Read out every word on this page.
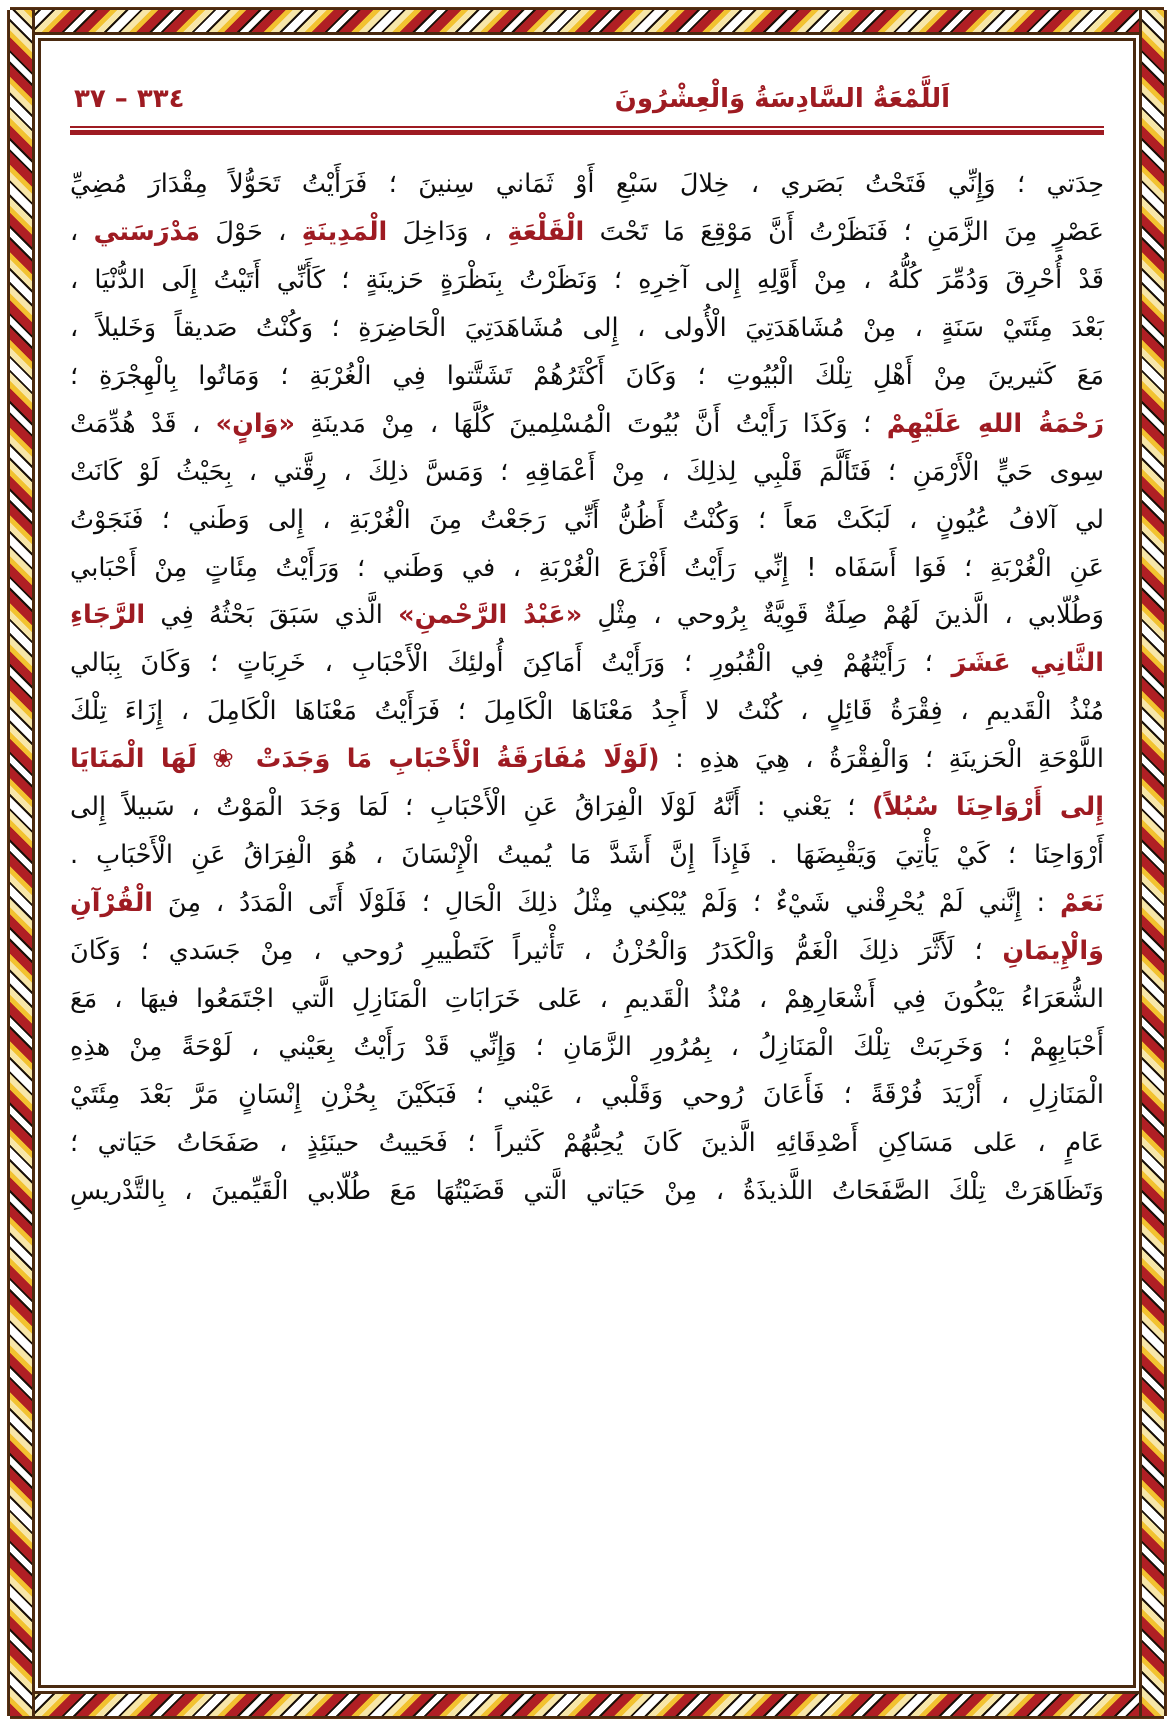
اَللَّمْعَةُ السَّادِسَةُ وَالْعِشْرُونَ
٣٣٤ – ٣٧
حِدَتي ؛ وَإِنِّي فَتَحْتُ بَصَري ، خِلالَ سَبْعِ أَوْ ثَمَاني سِنينَ ؛ فَرَأَيْتُ تَحَوُّلاً مِقْدَارَ مُضِيِّ
عَصْرٍ مِنَ الزَّمَنِ ؛ فَنَظَرْتُ أَنَّ مَوْقِعَ مَا تَحْتَ الْقَلْعَةِ ، وَدَاخِلَ الْمَدِينَةِ ، حَوْلَ مَدْرَسَتي ،
قَدْ أُحْرِقَ وَدُمِّرَ كُلُّهُ ، مِنْ أَوَّلِهِ إِلى آخِرِهِ ؛ وَنَظَرْتُ بِنَظْرَةٍ حَزينَةٍ ؛ كَأَنِّي أَتَيْتُ إِلَى الدُّنْيَا ،
بَعْدَ مِئَتَيْ سَنَةٍ ، مِنْ مُشَاهَدَتِيَ الْأُولى ، إِلى مُشَاهَدَتِيَ الْحَاضِرَةِ ؛ وَكُنْتُ صَديقاً وَخَليلاً ،
مَعَ كَثيرينَ مِنْ أَهْلِ تِلْكَ الْبُيُوتِ ؛ وَكَانَ أَكْثَرُهُمْ تَشَتَّتوا فِي الْغُرْبَةِ ؛ وَمَاتُوا بِالْهِجْرَةِ ؛
رَحْمَةُ اللهِ عَلَيْهِمْ ؛ وَكَذَا رَأَيْتُ أَنَّ بُيُوتَ الْمُسْلِمينَ كُلَّهَا ، مِنْ مَدينَةِ «وَانٍ» ، قَدْ هُدِّمَتْ
سِوى حَيٍّ الْأَرْمَنِ ؛ فَتَأَلَّمَ قَلْبِي لِذلِكَ ، مِنْ أَعْمَاقِهِ ؛ وَمَسَّ ذلِكَ ، رِقَّتي ، بِحَيْثُ لَوْ كَانَتْ
لي آلافُ عُيُونٍ ، لَبَكَتْ مَعاً ؛ وَكُنْتُ أَظُنُّ أَنِّي رَجَعْتُ مِنَ الْغُرْبَةِ ، إِلى وَطَني ؛ فَنَجَوْتُ
عَنِ الْغُرْبَةِ ؛ فَوَا أَسَفَاه ! إِنِّي رَأَيْتُ أَفْزَعَ الْغُرْبَةِ ، في وَطَني ؛ وَرَأَيْتُ مِئَاتٍ مِنْ أَحْبَابي
وَطُلّابي ، الَّذينَ لَهُمْ صِلَةٌ قَوِيَّةٌ بِرُوحي ، مِثْلِ «عَبْدُ الرَّحْمنِ» الَّذي سَبَقَ بَحْثُهُ فِي الرَّجَاءِ
الثَّانِي عَشَرَ ؛ رَأَيْتُهُمْ فِي الْقُبُورِ ؛ وَرَأَيْتُ أَمَاكِنَ أُولئِكَ الْأَحْبَابِ ، خَرِبَاتٍ ؛ وَكَانَ بِبَالي
مُنْذُ الْقَديمِ ، فِقْرَةُ قَائِلٍ ، كُنْتُ لا أَجِدُ مَعْنَاهَا الْكَامِلَ ؛ فَرَأَيْتُ مَعْنَاهَا الْكَامِلَ ، إِزَاءَ تِلْكَ
اللَّوْحَةِ الْحَزينَةِ ؛ وَالْفِقْرَةُ ، هِيَ هذِهِ : (لَوْلَا مُفَارَقَةُ الْأَحْبَابِ مَا وَجَدَتْ ❀ لَهَا الْمَنَايَا
إِلى أَرْوَاحِنَا سُبُلاً) ؛ يَعْني : أَنَّهُ لَوْلَا الْفِرَاقُ عَنِ الْأَحْبَابِ ؛ لَمَا وَجَدَ الْمَوْتُ ، سَبيلاً إِلى
أَرْوَاحِنَا ؛ كَيْ يَأْتِيَ وَيَقْبِضَهَا . فَإِذاً إِنَّ أَشَدَّ مَا يُميتُ الْإِنْسَانَ ، هُوَ الْفِرَاقُ عَنِ الْأَحْبَابِ .
نَعَمْ : إِنَّني لَمْ يُحْرِقْني شَيْءٌ ؛ وَلَمْ يُبْكِني مِثْلُ ذلِكَ الْحَالِ ؛ فَلَوْلَا أَتَى الْمَدَدُ ، مِنَ الْقُرْآنِ
وَالْإِيمَانِ ؛ لَأَثَّرَ ذلِكَ الْغَمُّ وَالْكَدَرُ وَالْحُزْنُ ، تَأْثيراً كَتَطْييرِ رُوحي ، مِنْ جَسَدي ؛ وَكَانَ
الشُّعَرَاءُ يَبْكُونَ فِي أَشْعَارِهِمْ ، مُنْذُ الْقَديمِ ، عَلى خَرَابَاتِ الْمَنَازِلِ الَّتي اجْتَمَعُوا فيهَا ، مَعَ
أَحْبَابِهِمْ ؛ وَخَرِبَتْ تِلْكَ الْمَنَازِلُ ، بِمُرُورِ الزَّمَانِ ؛ وَإِنِّي قَدْ رَأَيْتُ بِعَيْني ، لَوْحَةً مِنْ هذِهِ
الْمَنَازِلِ ، أَزْيَدَ فُرْقَةً ؛ فَأَعَانَ رُوحي وَقَلْبي ، عَيْني ؛ فَبَكَيْنَ بِحُزْنِ إِنْسَانٍ مَرَّ بَعْدَ مِئَتَيْ
عَامٍ ، عَلى مَسَاكِنِ أَصْدِقَائِهِ الَّذينَ كَانَ يُحِبُّهُمْ كَثيراً ؛ فَحَييتُ حينَئِذٍ ، صَفَحَاتُ حَيَاتي ؛
وَتَظَاهَرَتْ تِلْكَ الصَّفَحَاتُ اللَّذيذَةُ ، مِنْ حَيَاتي الَّتي قَضَيْتُهَا مَعَ طُلّابي الْقَيِّمينَ ، بِالتَّدْريسِ
